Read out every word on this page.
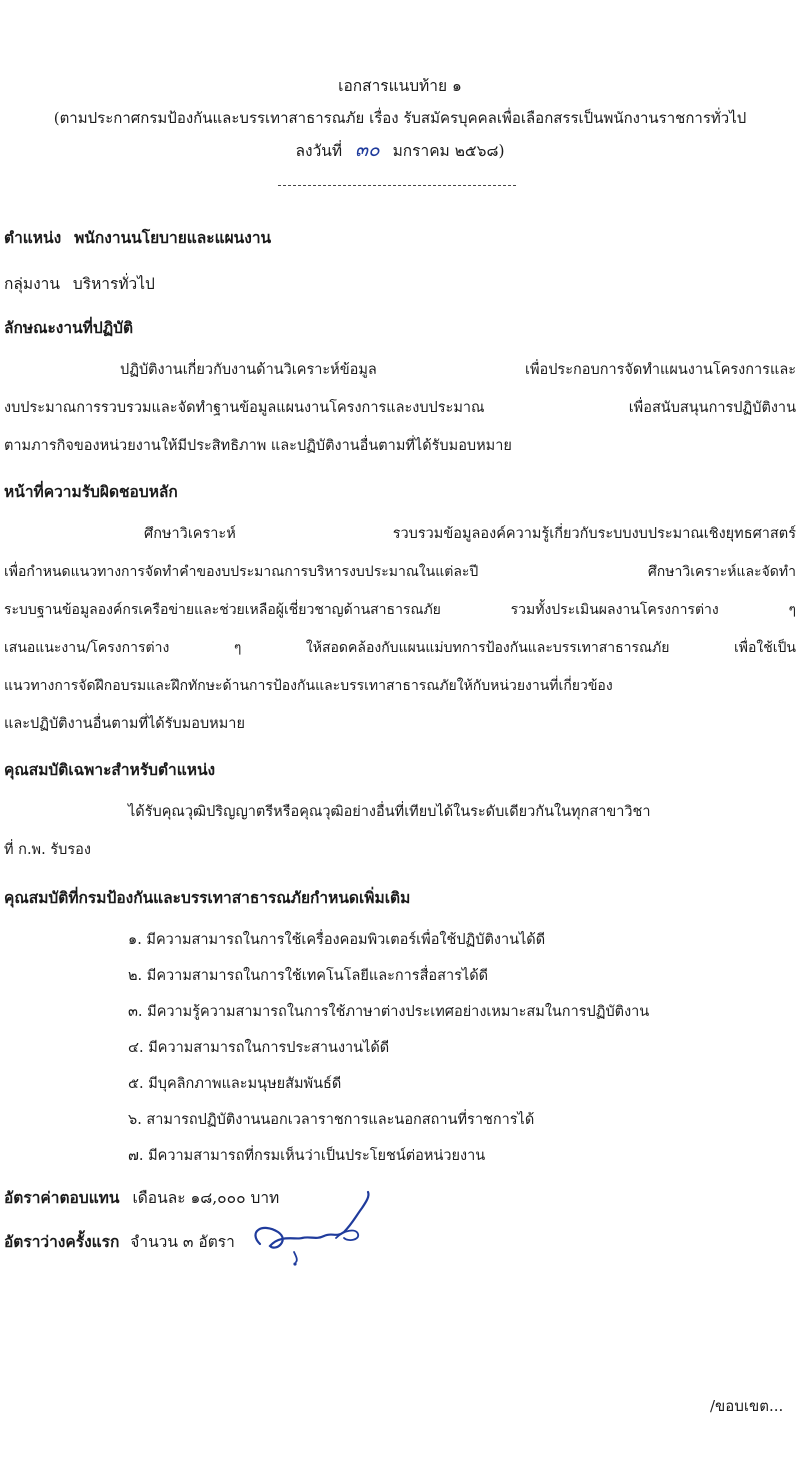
เอกสารแนบท้าย ๑
(ตามประกาศกรมป้องกันและบรรเทาสาธารณภัย เรื่อง รับสมัครบุคคลเพื่อเลือกสรรเป็นพนักงานราชการทั่วไป
ลงวันที่ ๓๐ มกราคม ๒๕๖๘)
ตำแหน่ง พนักงานนโยบายและแผนงาน
กลุ่มงาน บริหารทั่วไป
ลักษณะงานที่ปฏิบัติ
ปฏิบัติงานเกี่ยวกับงานด้านวิเคราะห์ข้อมูล เพื่อประกอบการจัดทำแผนงานโครงการและ
งบประมาณการรวบรวมและจัดทำฐานข้อมูลแผนงานโครงการและงบประมาณ เพื่อสนับสนุนการปฏิบัติงาน
ตามภารกิจของหน่วยงานให้มีประสิทธิภาพ และปฏิบัติงานอื่นตามที่ได้รับมอบหมาย
หน้าที่ความรับผิดชอบหลัก
ศึกษาวิเคราะห์ รวบรวมข้อมูลองค์ความรู้เกี่ยวกับระบบงบประมาณเชิงยุทธศาสตร์
เพื่อกำหนดแนวทางการจัดทำคำของบประมาณการบริหารงบประมาณในแต่ละปี ศึกษาวิเคราะห์และจัดทำ
ระบบฐานข้อมูลองค์กรเครือข่ายและช่วยเหลือผู้เชี่ยวชาญด้านสาธารณภัย รวมทั้งประเมินผลงานโครงการต่าง ๆ
เสนอแนะงาน/โครงการต่าง ๆ ให้สอดคล้องกับแผนแม่บทการป้องกันและบรรเทาสาธารณภัย เพื่อใช้เป็น
แนวทางการจัดฝึกอบรมและฝึกทักษะด้านการป้องกันและบรรเทาสาธารณภัยให้กับหน่วยงานที่เกี่ยวข้อง
และปฏิบัติงานอื่นตามที่ได้รับมอบหมาย
คุณสมบัติเฉพาะสำหรับตำแหน่ง
ได้รับคุณวุฒิปริญญาตรีหรือคุณวุฒิอย่างอื่นที่เทียบได้ในระดับเดียวกันในทุกสาขาวิชา
ที่ ก.พ. รับรอง
คุณสมบัติที่กรมป้องกันและบรรเทาสาธารณภัยกำหนดเพิ่มเติม
๑. มีความสามารถในการใช้เครื่องคอมพิวเตอร์เพื่อใช้ปฏิบัติงานได้ดี
๒. มีความสามารถในการใช้เทคโนโลยีและการสื่อสารได้ดี
๓. มีความรู้ความสามารถในการใช้ภาษาต่างประเทศอย่างเหมาะสมในการปฏิบัติงาน
๔. มีความสามารถในการประสานงานได้ดี
๕. มีบุคลิกภาพและมนุษยสัมพันธ์ดี
๖. สามารถปฏิบัติงานนอกเวลาราชการและนอกสถานที่ราชการได้
๗. มีความสามารถที่กรมเห็นว่าเป็นประโยชน์ต่อหน่วยงาน
อัตราค่าตอบแทน เดือนละ ๑๘,๐๐๐ บาท
อัตราว่างครั้งแรก จำนวน ๓ อัตรา
/ขอบเขต...
